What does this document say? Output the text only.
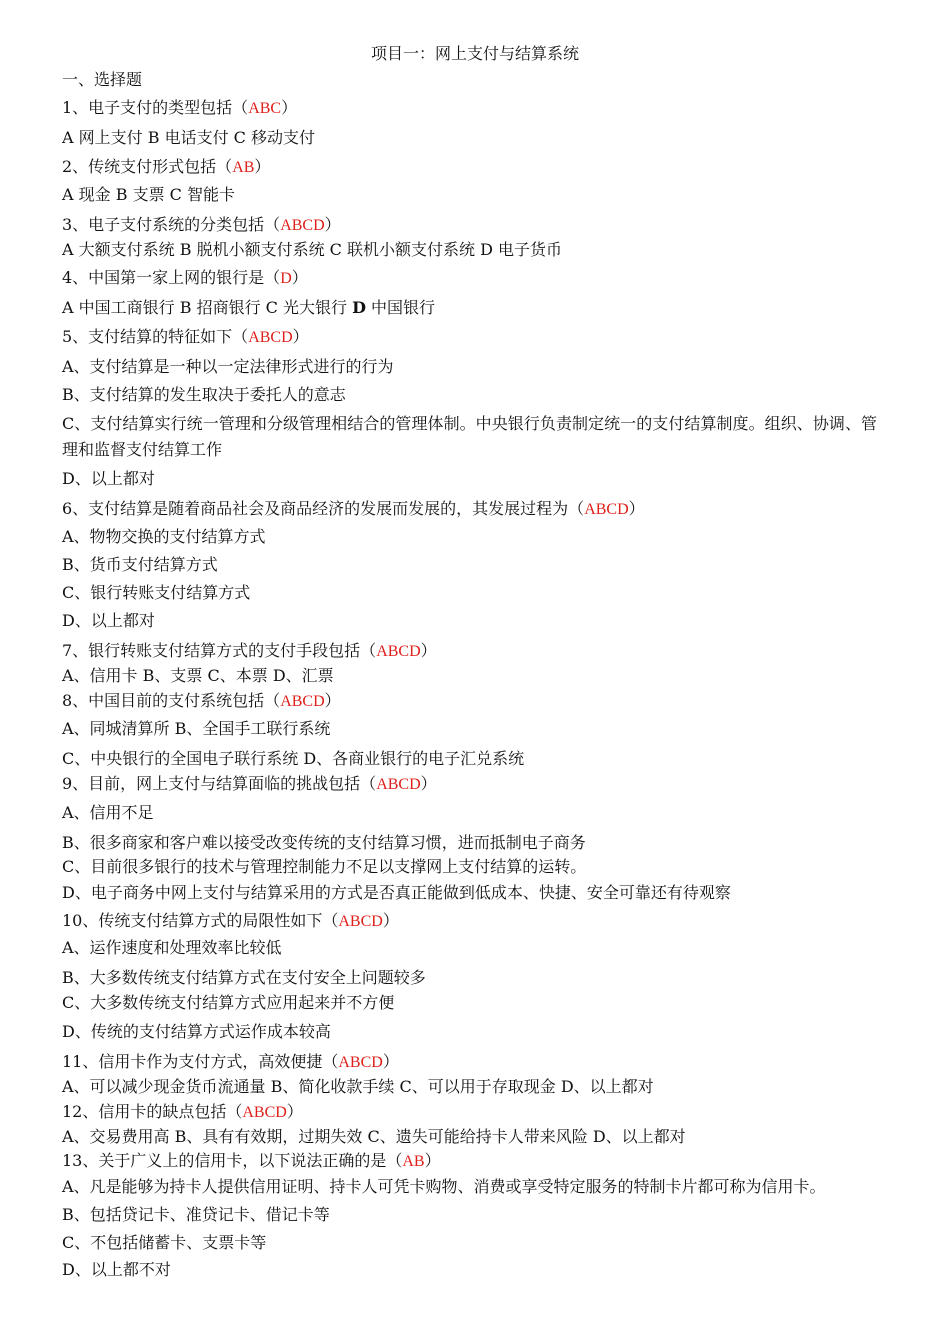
项目一：网上支付与结算系统
一、选择题
1、电子支付的类型包括（ABC）
A 网上支付 B 电话支付 C 移动支付
2、传统支付形式包括（AB）
A 现金 B 支票 C 智能卡
3、电子支付系统的分类包括（ABCD）
A 大额支付系统 B 脱机小额支付系统 C 联机小额支付系统 D 电子货币
4、中国第一家上网的银行是（D）
A 中国工商银行 B 招商银行 C 光大银行 D 中国银行
5、支付结算的特征如下（ABCD）
A、支付结算是一种以一定法律形式进行的行为
B、支付结算的发生取决于委托人的意志
C、支付结算实行统一管理和分级管理相结合的管理体制。中央银行负责制定统一的支付结算制度。组织、协调、管理和监督支付结算工作
D、以上都对
6、支付结算是随着商品社会及商品经济的发展而发展的，其发展过程为（ABCD）
A、物物交换的支付结算方式
B、货币支付结算方式
C、银行转账支付结算方式
D、以上都对
7、银行转账支付结算方式的支付手段包括（ABCD）
A、信用卡 B、支票 C、本票 D、汇票
8、中国目前的支付系统包括（ABCD）
A、同城清算所 B、全国手工联行系统
C、中央银行的全国电子联行系统 D、各商业银行的电子汇兑系统
9、目前，网上支付与结算面临的挑战包括（ABCD）
A、信用不足
B、很多商家和客户难以接受改变传统的支付结算习惯，进而抵制电子商务
C、目前很多银行的技术与管理控制能力不足以支撑网上支付结算的运转。
D、电子商务中网上支付与结算采用的方式是否真正能做到低成本、快捷、安全可靠还有待观察
10、传统支付结算方式的局限性如下（ABCD）
A、运作速度和处理效率比较低
B、大多数传统支付结算方式在支付安全上问题较多
C、大多数传统支付结算方式应用起来并不方便
D、传统的支付结算方式运作成本较高
11、信用卡作为支付方式，高效便捷（ABCD）
A、可以减少现金货币流通量 B、简化收款手续 C、可以用于存取现金 D、以上都对
12、信用卡的缺点包括（ABCD）
A、交易费用高 B、具有有效期，过期失效 C、遗失可能给持卡人带来风险 D、以上都对
13、关于广义上的信用卡，以下说法正确的是（AB）
A、凡是能够为持卡人提供信用证明、持卡人可凭卡购物、消费或享受特定服务的特制卡片都可称为信用卡。
B、包括贷记卡、准贷记卡、借记卡等
C、不包括储蓄卡、支票卡等
D、以上都不对
